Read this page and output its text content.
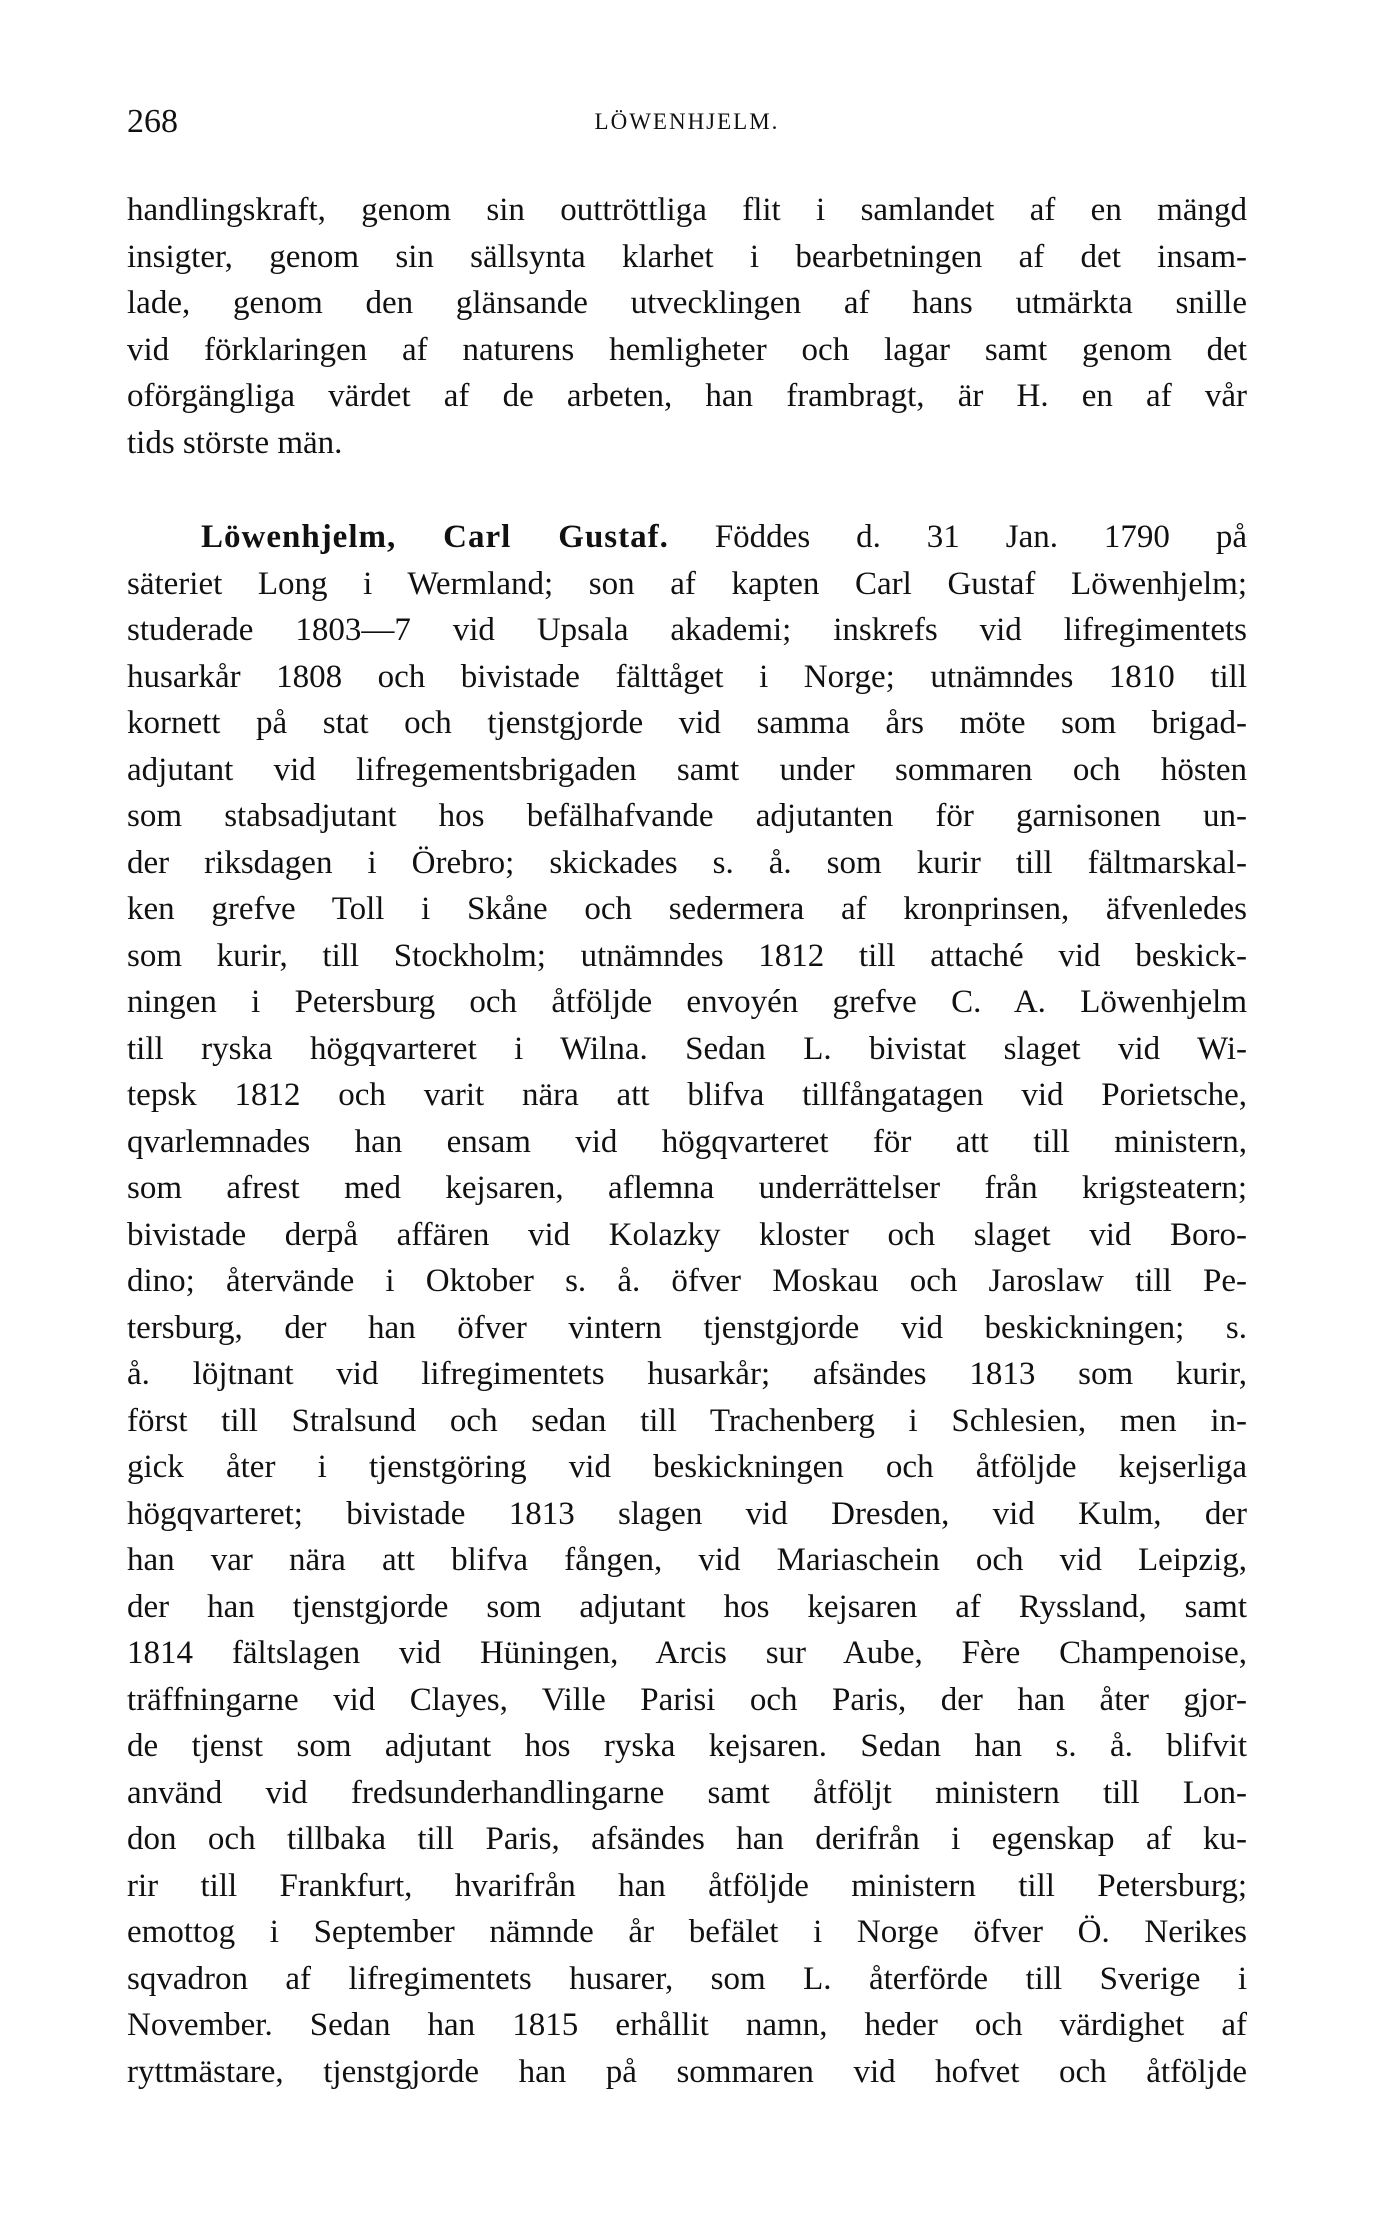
268	LÖWENHJELM.
handlingskraft, genom sin outtröttliga flit i samlandet af en mängd
insigter, genom sin sällsynta klarhet i bearbetningen af det insam-
lade, genom den glänsande utvecklingen af hans utmärkta snille
vid förklaringen af naturens hemligheter och lagar samt genom det
oförgängliga värdet af de arbeten, han frambragt, är H. en af vår
tids störste män.
Löwenhjelm, Carl Gustaf. Föddes d. 31 Jan. 1790 på
säteriet Long i Wermland; son af kapten Carl Gustaf Löwenhjelm;
studerade 1803—7 vid Upsala akademi; inskrefs vid lifregimentets
husarkår 1808 och bivistade fälttåget i Norge; utnämndes 1810 till
kornett på stat och tjenstgjorde vid samma års möte som brigad-
adjutant vid lifregementsbrigaden samt under sommaren och hösten
som stabsadjutant hos befälhafvande adjutanten för garnisonen un-
der riksdagen i Örebro; skickades s. å. som kurir till fältmarskal-
ken grefve Toll i Skåne och sedermera af kronprinsen, äfvenledes
som kurir, till Stockholm; utnämndes 1812 till attaché vid beskick-
ningen i Petersburg och åtföljde envoyén grefve C. A. Löwenhjelm
till ryska högqvarteret i Wilna. Sedan L. bivistat slaget vid Wi-
tepsk 1812 och varit nära att blifva tillfångatagen vid Porietsche,
qvarlemnades han ensam vid högqvarteret för att till ministern,
som afrest med kejsaren, aflemna underrättelser från krigsteatern;
bivistade derpå affären vid Kolazky kloster och slaget vid Boro-
dino; återvände i Oktober s. å. öfver Moskau och Jaroslaw till Pe-
tersburg, der han öfver vintern tjenstgjorde vid beskickningen; s.
å. löjtnant vid lifregimentets husarkår; afsändes 1813 som kurir,
först till Stralsund och sedan till Trachenberg i Schlesien, men in-
gick åter i tjenstgöring vid beskickningen och åtföljde kejserliga
högqvarteret; bivistade 1813 slagen vid Dresden, vid Kulm, der
han var nära att blifva fången, vid Mariaschein och vid Leipzig,
der han tjenstgjorde som adjutant hos kejsaren af Ryssland, samt
1814 fältslagen vid Hüningen, Arcis sur Aube, Fère Champenoise,
träffningarne vid Clayes, Ville Parisi och Paris, der han åter gjor-
de tjenst som adjutant hos ryska kejsaren. Sedan han s. å. blifvit
använd vid fredsunderhandlingarne samt åtföljt ministern till Lon-
don och tillbaka till Paris, afsändes han derifrån i egenskap af ku-
rir till Frankfurt, hvarifrån han åtföljde ministern till Petersburg;
emottog i September nämnde år befälet i Norge öfver Ö. Nerikes
sqvadron af lifregimentets husarer, som L. återförde till Sverige i
November. Sedan han 1815 erhållit namn, heder och värdighet af
ryttmästare, tjenstgjorde han på sommaren vid hofvet och åtföljde
